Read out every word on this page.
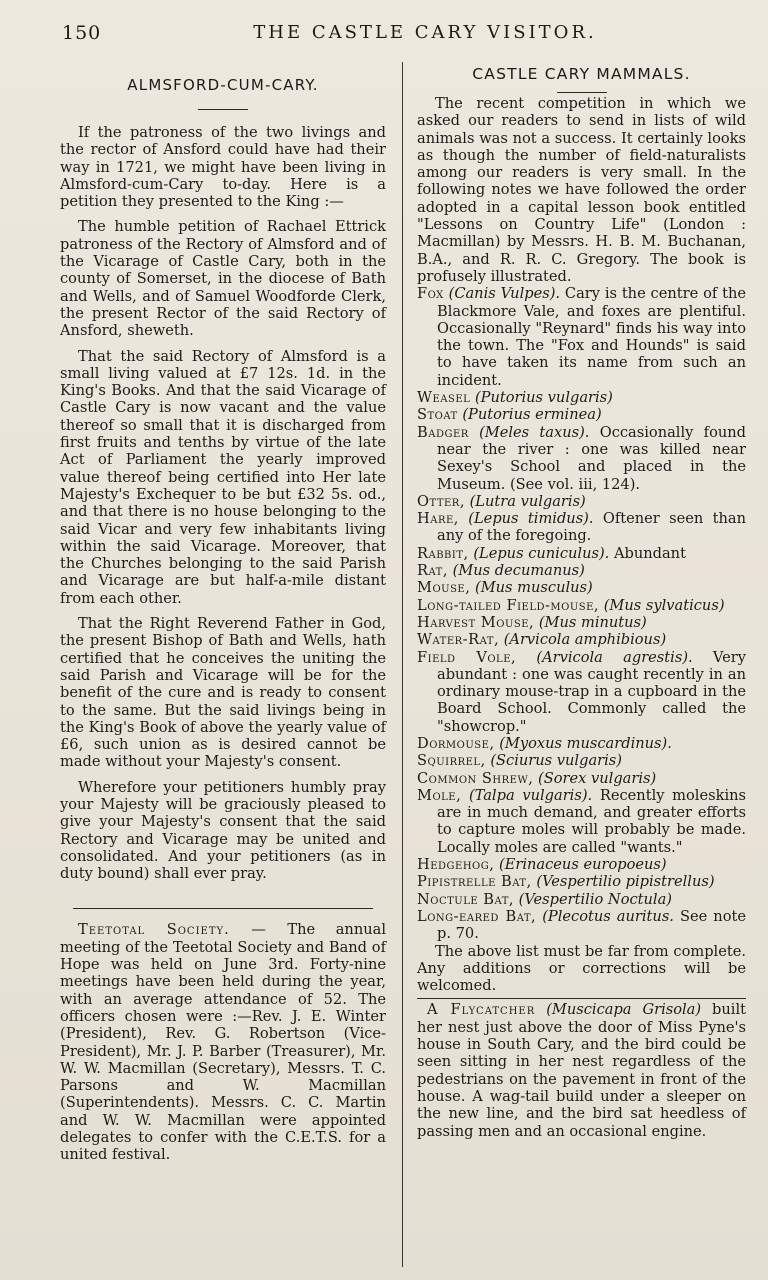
150	THE CASTLE CARY VISITOR.
ALMSFORD-CUM-CARY.

If the patroness of the two livings and the rector of Ansford could have had their way in 1721, we might have been living in Almsford-cum-Cary to-day. Here is a petition they presented to the King :—

The humble petition of Rachael Ettrick patroness of the Rectory of Almsford and of the Vicarage of Castle Cary, both in the county of Somerset, in the diocese of Bath and Wells, and of Samuel Woodforde Clerk, the present Rector of the said Rectory of Ansford, sheweth.

That the said Rectory of Almsford is a small living valued at £7 12s. 1d. in the King's Books. And that the said Vicarage of Castle Cary is now vacant and the value thereof so small that it is discharged from first fruits and tenths by virtue of the late Act of Parliament the yearly improved value thereof being certified into Her late Majesty's Exchequer to be but £32 5s. od., and that there is no house belonging to the said Vicar and very few inhabitants living within the said Vicarage. Moreover, that the Churches belonging to the said Parish and Vicarage are but half-a-mile distant from each other.

That the Right Reverend Father in God, the present Bishop of Bath and Wells, hath certified that he conceives the uniting the said Parish and Vicarage will be for the benefit of the cure and is ready to consent to the same. But the said livings being in the King's Book of above the yearly value of £6, such union as is desired cannot be made without your Majesty's consent.

Wherefore your petitioners humbly pray your Majesty will be graciously pleased to give your Majesty's consent that the said Rectory and Vicarage may be united and consolidated. And your petitioners (as in duty bound) shall ever pray.

Teetotal Society. — The annual meeting of the Teetotal Society and Band of Hope was held on June 3rd. Forty-nine meetings have been held during the year, with an average attendance of 52. The officers chosen were :—Rev. J. E. Winter (President), Rev. G. Robertson (Vice-President), Mr. J. P. Barber (Treasurer), Mr. W. W. Macmillan (Secretary), Messrs. T. C. Parsons and W. Macmillan (Superintendents). Messrs. C. C. Martin and W. W. Macmillan were appointed delegates to confer with the C.E.T.S. for a united festival.

CASTLE CARY MAMMALS.

The recent competition in which we asked our readers to send in lists of wild animals was not a success. It certainly looks as though the number of field-naturalists among our readers is very small. In the following notes we have followed the order adopted in a capital lesson book entitled "Lessons on Country Life" (London : Macmillan) by Messrs. H. B. M. Buchanan, B.A., and R. R. C. Gregory. The book is profusely illustrated.

Fox (Canis Vulpes). Cary is the centre of the Blackmore Vale, and foxes are plentiful. Occasionally "Reynard" finds his way into the town. The "Fox and Hounds" is said to have taken its name from such an incident.

Weasel (Putorius vulgaris)

Stoat (Putorius erminea)

Badger (Meles taxus). Occasionally found near the river : one was killed near Sexey's School and placed in the Museum. (See vol. iii, 124).

Otter, (Lutra vulgaris)

Hare, (Lepus timidus). Oftener seen than any of the foregoing.

Rabbit, (Lepus cuniculus). Abundant

Rat, (Mus decumanus)

Mouse, (Mus musculus)

Long-tailed Field-mouse, (Mus sylvaticus)

Harvest Mouse, (Mus minutus)

Water-Rat, (Arvicola amphibious)

Field Vole, (Arvicola agrestis). Very abundant : one was caught recently in an ordinary mouse-trap in a cupboard in the Board School. Commonly called the "showcrop."

Dormouse, (Myoxus muscardinus).

Squirrel, (Sciurus vulgaris)

Common Shrew, (Sorex vulgaris)

Mole, (Talpa vulgaris). Recently moleskins are in much demand, and greater efforts to capture moles will probably be made. Locally moles are called "wants."

Hedgehog, (Erinaceus europoeus)

Pipistrelle Bat, (Vespertilio pipistrellus)

Noctule Bat, (Vespertilio Noctula)

Long-eared Bat, (Plecotus auritus. See note p. 70.

The above list must be far from complete. Any additions or corrections will be welcomed.

A Flycatcher (Muscicapa Grisola) built her nest just above the door of Miss Pyne's house in South Cary, and the bird could be seen sitting in her nest regardless of the pedestrians on the pavement in front of the house. A wag-tail build under a sleeper on the new line, and the bird sat heedless of passing men and an occasional engine.
